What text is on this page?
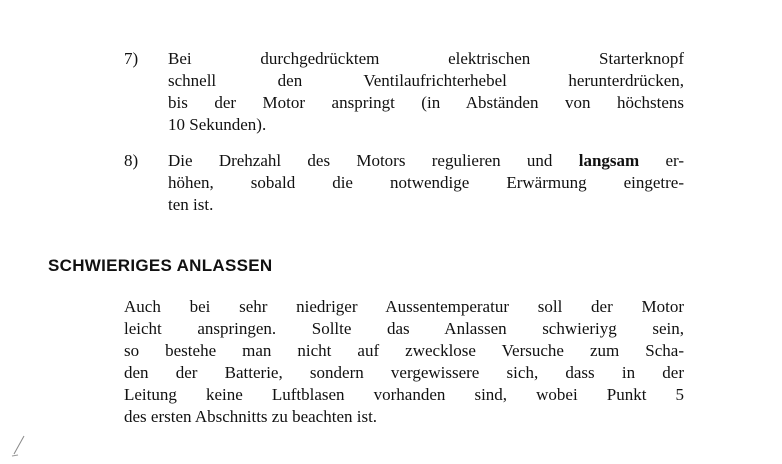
7) Bei durchgedrücktem elektrischen Starterknopf
schnell den Ventilaufrichterhebel herunterdrücken,
bis der Motor anspringt (in Abständen von höchstens
10 Sekunden).
8) Die Drehzahl des Motors regulieren und langsam er-
höhen, sobald die notwendige Erwärmung eingetre-
ten ist.
SCHWIERIGES ANLASSEN
Auch bei sehr niedriger Aussentemperatur soll der Motor
leicht anspringen. Sollte das Anlassen schwieriyg sein,
so bestehe man nicht auf zwecklose Versuche zum Scha-
den der Batterie, sondern vergewissere sich, dass in der
Leitung keine Luftblasen vorhanden sind, wobei Punkt 5
des ersten Abschnitts zu beachten ist.
